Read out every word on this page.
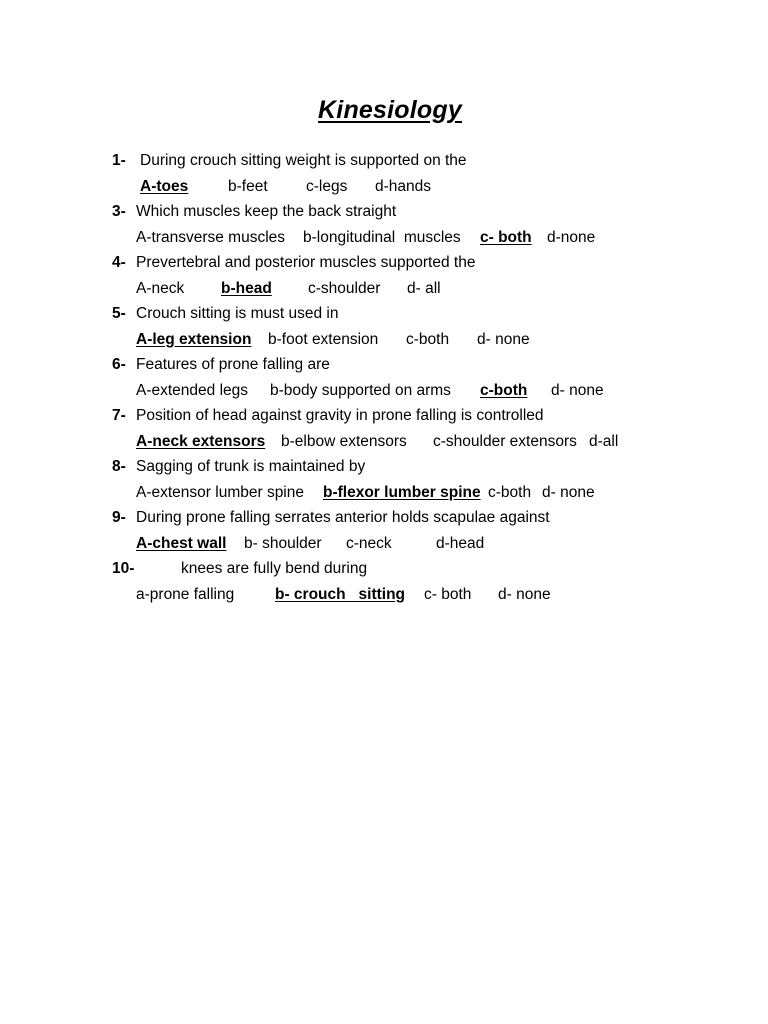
Kinesiology
1- During crouch sitting weight is supported on the
A-toes	b-feet c-legs d-hands
3- Which muscles keep the back straight
A-transverse muscles b-longitudinal  muscles c- both d-none
4- Prevertebral and posterior muscles supported the
A-neck b-head c-shoulder d- all
5- Crouch sitting is must used in
A-leg extension b-foot extension c-both d- none
6- Features of prone falling are
A-extended legs b-body supported on arms c-both d- none
7- Position of head against gravity in prone falling is controlled
A-neck extensors b-elbow extensors c-shoulder extensors d-all
8- Sagging of trunk is maintained by
A-extensor lumber spine b-flexor lumber spine c-both d- none
9- During prone falling serrates anterior holds scapulae against
A-chest wall b- shoulder c-neck	d-head
10-	knees are fully bend during
a-prone falling	b- crouch   sitting c- both d- none
